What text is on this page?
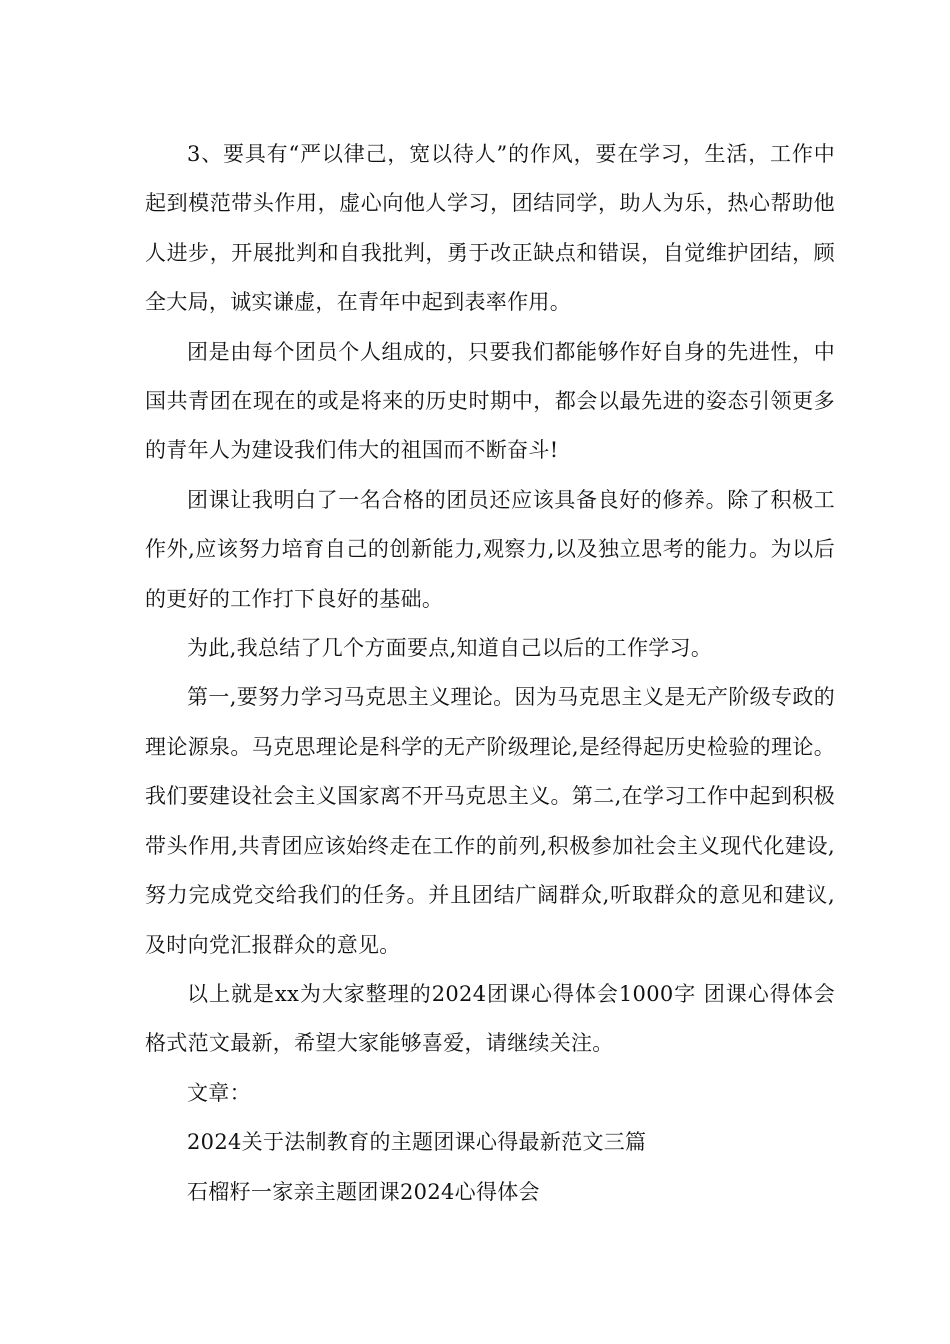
3、要具有“严以律己，宽以待人”的作风，要在学习，生活，工作中起到模范带头作用，虚心向他人学习，团结同学，助人为乐，热心帮助他人进步，开展批判和自我批判，勇于改正缺点和错误，自觉维护团结，顾全大局，诚实谦虚，在青年中起到表率作用。

团是由每个团员个人组成的，只要我们都能够作好自身的先进性，中国共青团在现在的或是将来的历史时期中，都会以最先进的姿态引领更多的青年人为建设我们伟大的祖国而不断奋斗!

团课让我明白了一名合格的团员还应该具备良好的修养。除了积极工作外,应该努力培育自己的创新能力,观察力,以及独立思考的能力。为以后的更好的工作打下良好的基础。

为此,我总结了几个方面要点,知道自己以后的工作学习。

第一,要努力学习马克思主义理论。因为马克思主义是无产阶级专政的理论源泉。马克思理论是科学的无产阶级理论,是经得起历史检验的理论。我们要建设社会主义国家离不开马克思主义。第二,在学习工作中起到积极带头作用,共青团应该始终走在工作的前列,积极参加社会主义现代化建设,努力完成党交给我们的任务。并且团结广阔群众,听取群众的意见和建议,及时向党汇报群众的意见。

以上就是xx为大家整理的2024团课心得体会1000字 团课心得体会格式范文最新，希望大家能够喜爱，请继续关注。

文章：

2024关于法制教育的主题团课心得最新范文三篇

石榴籽一家亲主题团课2024心得体会
